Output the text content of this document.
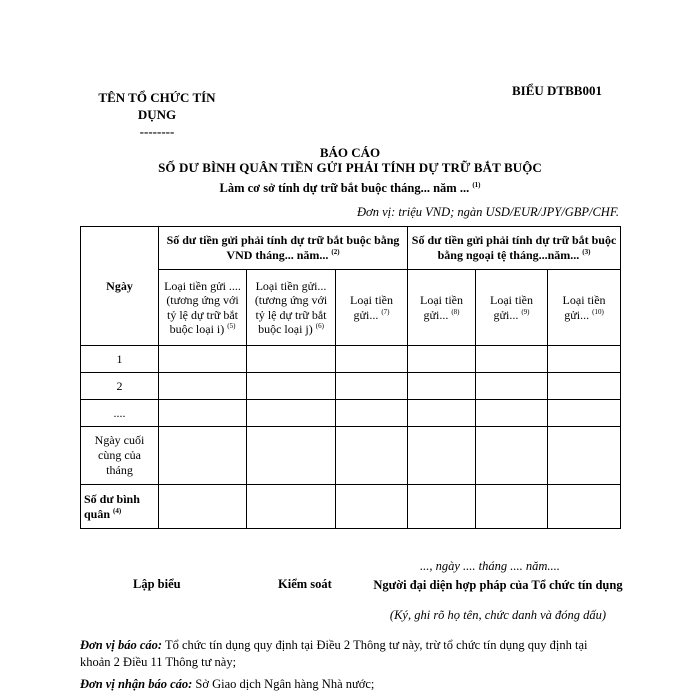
TÊN TỔ CHỨC TÍN DỤNG
--------
BIỂU DTBB001
BÁO CÁO
SỐ DƯ BÌNH QUÂN TIỀN GỬI PHẢI TÍNH DỰ TRỮ BẮT BUỘC
Làm cơ sở tính dự trữ bắt buộc tháng... năm ... $^{(1)}$
Đơn vị: triệu VND; ngàn USD/EUR/JPY/GBP/CHF.
Ngày	Số dư tiền gửi phải tính dự trữ bắt buộc bằng VND tháng... năm... $^{(2)}$			Số dư tiền gửi phải tính dự trữ bắt buộc bằng ngoại tệ tháng...năm... $^{(3)}$
	Loại tiền gửi .... (tương ứng với tỷ lệ dự trữ bắt buộc loại i) $^{(5)}$	Loại tiền gửi... (tương ứng với tỷ lệ dự trữ bắt buộc loại j) $^{(6)}$	Loại tiền gửi... $^{(7)}$	Loại tiền gửi... $^{(8)}$	Loại tiền gửi... $^{(9)}$	Loại tiền gửi... $^{(10)}$
1						
2						
....						
Ngày cuối cùng của tháng						
Số dư bình quân $^{(4)}$						
..., ngày .... tháng .... năm....
Lập biểu	Kiểm soát	Người đại diện hợp pháp của Tổ chức tín dụng
(Ký, ghi rõ họ tên, chức danh và đóng dấu)
Đơn vị báo cáo: Tổ chức tín dụng quy định tại Điều 2 Thông tư này, trừ tổ chức tín dụng quy định tại khoản 2 Điều 11 Thông tư này;
Đơn vị nhận báo cáo: Sở Giao dịch Ngân hàng Nhà nước;
